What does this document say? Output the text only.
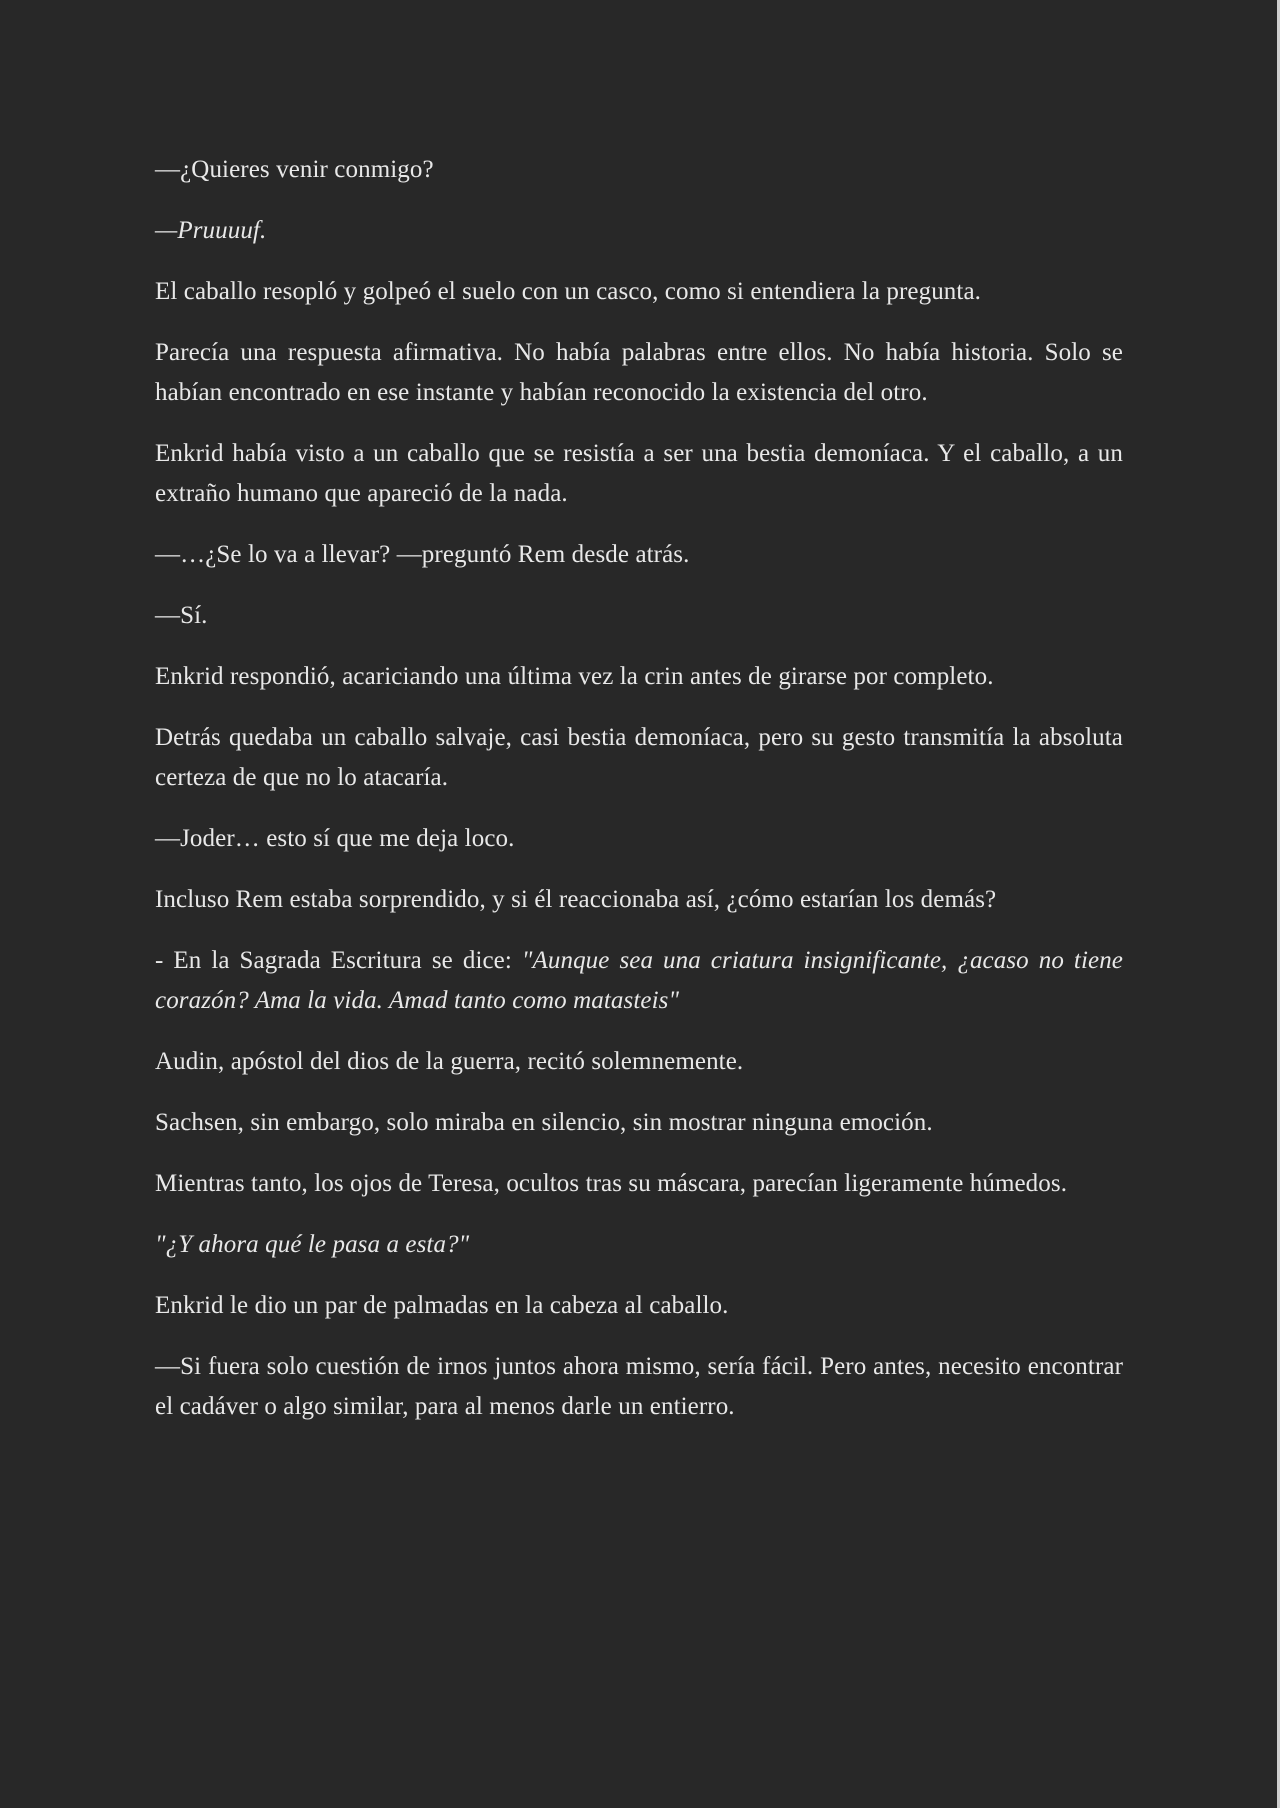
—¿Quieres venir conmigo?

—Pruuuuf.

El caballo resopló y golpeó el suelo con un casco, como si entendiera la pregunta.

Parecía una respuesta afirmativa. No había palabras entre ellos. No había historia. Solo se habían encontrado en ese instante y habían reconocido la existencia del otro.

Enkrid había visto a un caballo que se resistía a ser una bestia demoníaca. Y el caballo, a un extraño humano que apareció de la nada.

—…¿Se lo va a llevar? —preguntó Rem desde atrás.

—Sí.

Enkrid respondió, acariciando una última vez la crin antes de girarse por completo.

Detrás quedaba un caballo salvaje, casi bestia demoníaca, pero su gesto transmitía la absoluta certeza de que no lo atacaría.

—Joder… esto sí que me deja loco.

Incluso Rem estaba sorprendido, y si él reaccionaba así, ¿cómo estarían los demás?

- En la Sagrada Escritura se dice: "Aunque sea una criatura insignificante, ¿acaso no tiene corazón? Ama la vida. Amad tanto como matasteis"

Audin, apóstol del dios de la guerra, recitó solemnemente.

Sachsen, sin embargo, solo miraba en silencio, sin mostrar ninguna emoción.

Mientras tanto, los ojos de Teresa, ocultos tras su máscara, parecían ligeramente húmedos.

"¿Y ahora qué le pasa a esta?"

Enkrid le dio un par de palmadas en la cabeza al caballo.

—Si fuera solo cuestión de irnos juntos ahora mismo, sería fácil. Pero antes, necesito encontrar el cadáver o algo similar, para al menos darle un entierro.
